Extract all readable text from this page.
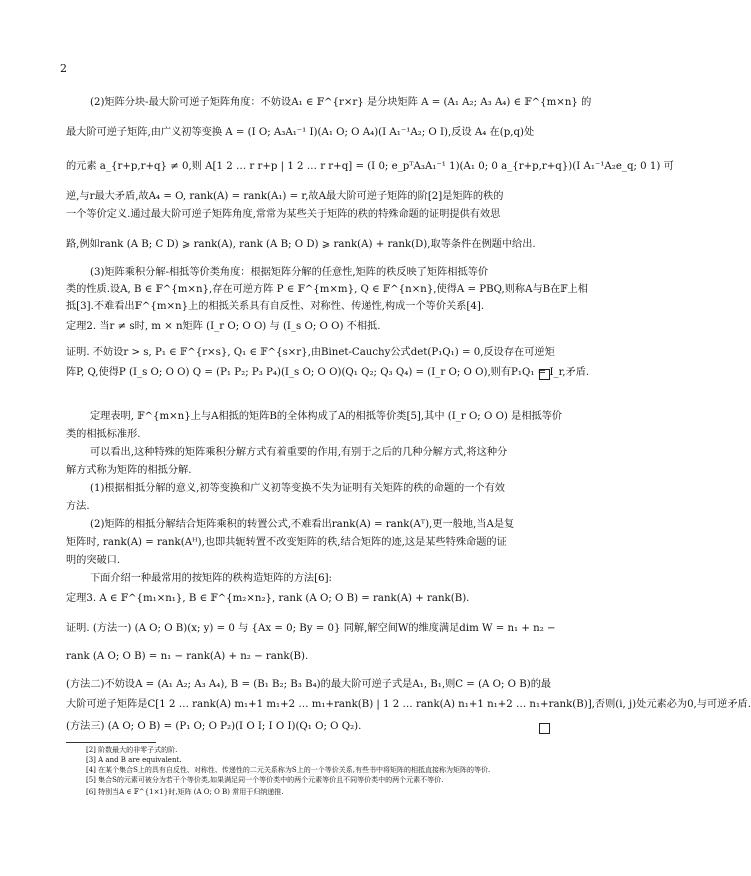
2
(2)矩阵分块-最大阶可逆子矩阵角度：不妨设A₁ ∈ 𝔽^{r×r} 是分块矩阵 A = (A₁ A₂; A₃ A₄) ∈ 𝔽^{m×n} 的
最大阶可逆子矩阵,由广义初等变换 A = (I O; A₃A₁⁻¹ I)(A₁ O; O A₄)(I A₁⁻¹A₂; O I),反设 A₄ 在(p,q)处
的元素 a_{r+p,r+q} ≠ 0,则 A[1 2 … r r+p | 1 2 … r r+q] = (I 0; e_pᵀA₃A₁⁻¹ 1)(A₁ 0; 0 a_{r+p,r+q})(I A₁⁻¹A₂e_q; 0 1) 可
逆,与r最大矛盾,故A₄ = O, rank(A) = rank(A₁) = r,故A最大阶可逆子矩阵的阶[2]是矩阵的秩的
一个等价定义.通过最大阶可逆子矩阵角度,常常为某些关于矩阵的秩的特殊命题的证明提供有效思
路,例如rank (A B; C D) ⩾ rank(A), rank (A B; O D) ⩾ rank(A) + rank(D),取等条件在例题中给出.
(3)矩阵乘积分解-相抵等价类角度：根据矩阵分解的任意性,矩阵的秩反映了矩阵相抵等价
类的性质.设A, B ∈ 𝔽^{m×n},存在可逆方阵 P ∈ 𝔽^{m×m}, Q ∈ 𝔽^{n×n},使得A = PBQ,则称A与B在𝔽上相
抵[3].不难看出𝔽^{m×n}上的相抵关系具有自反性、对称性、传递性,构成一个等价关系[4].
定理2. 当r ≠ s时, m × n矩阵 (I_r O; O O) 与 (I_s O; O O) 不相抵.
证明. 不妨设r > s, P₁ ∈ 𝔽^{r×s}, Q₁ ∈ 𝔽^{s×r},由Binet-Cauchy公式det(P₁Q₁) = 0,反设存在可逆矩
阵P, Q,使得P (I_s O; O O) Q = (P₁ P₂; P₃ P₄)(I_s O; O O)(Q₁ Q₂; Q₃ Q₄) = (I_r O; O O),则有P₁Q₁ = I_r,矛盾.
定理表明, 𝔽^{m×n}上与A相抵的矩阵B的全体构成了A的相抵等价类[5],其中 (I_r O; O O) 是相抵等价
类的相抵标准形.
可以看出,这种特殊的矩阵乘积分解方式有着重要的作用,有别于之后的几种分解方式,将这种分
解方式称为矩阵的相抵分解.
(1)根据相抵分解的意义,初等变换和广义初等变换不失为证明有关矩阵的秩的命题的一个有效
方法.
(2)矩阵的相抵分解结合矩阵乘积的转置公式,不难看出rank(A) = rank(Aᵀ),更一般地,当A是复
矩阵时, rank(A) = rank(Aᴴ),也即共轭转置不改变矩阵的秩,结合矩阵的迹,这是某些特殊命题的证
明的突破口.
下面介绍一种最常用的按矩阵的秩构造矩阵的方法[6]:
定理3. A ∈ 𝔽^{m₁×n₁}, B ∈ 𝔽^{m₂×n₂}, rank (A O; O B) = rank(A) + rank(B).
证明. (方法一) (A O; O B)(x; y) = 0 与 {Ax = 0; By = 0} 同解,解空间W的维度满足dim W = n₁ + n₂ −
rank (A O; O B) = n₁ − rank(A) + n₂ − rank(B).
(方法二)不妨设A = (A₁ A₂; A₃ A₄), B = (B₁ B₂; B₃ B₄)的最大阶可逆子式是A₁, B₁,则C = (A O; O B)的最
大阶可逆子矩阵是C[1 2 … rank(A) m₁+1 m₁+2 … m₁+rank(B) | 1 2 … rank(A) n₁+1 n₁+2 … n₁+rank(B)],否则(i, j)处元素必为0,与可逆矛盾.
(方法三) (A O; O B) = (P₁ O; O P₂)(I O I; I O I)(Q₁ O; O Q₂).
[2] 阶数最大的非零子式的阶.
[3] A and B are equivalent.
[4] 在某个集合S上的具有自反性、对称性、传递性的二元关系称为S上的一个等价关系,有些书中将矩阵的相抵直接称为矩阵的等价.
[5] 集合S的元素可被分为若干个等价类,如果满足同一个等价类中的两个元素等价且不同等价类中的两个元素不等价.
[6] 特别当A ∈ 𝔽^{1×1}时,矩阵 (A O; O B) 常用于归纳递推.
